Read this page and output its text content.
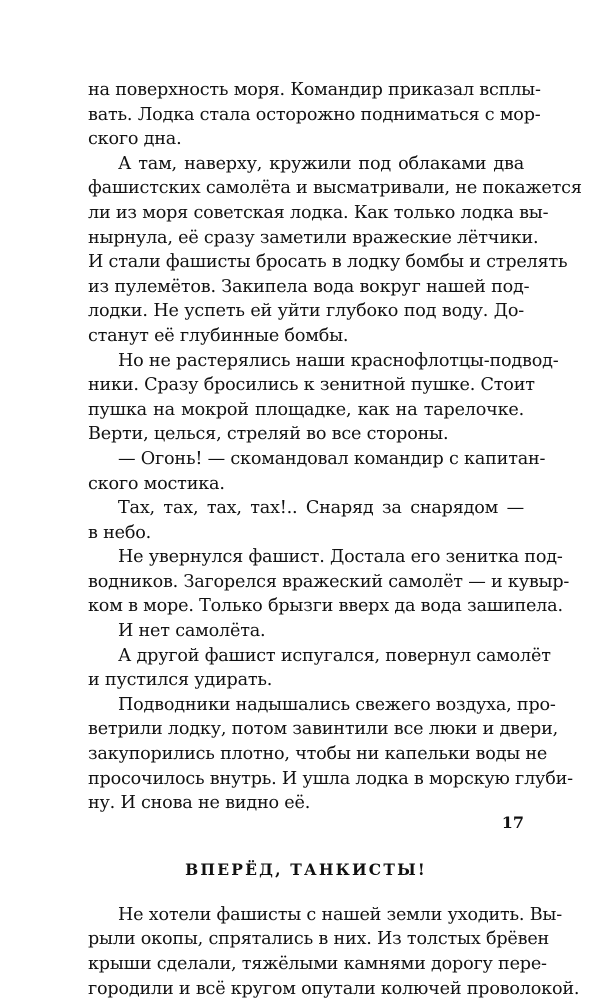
на поверхность моря. Командир приказал всплы-
вать. Лодка стала осторожно подниматься с мор-
ского дна.

А там, наверху, кружили под облаками два
фашистских самолёта и высматривали, не покажется
ли из моря советская лодка. Как только лодка вы-
нырнула, её сразу заметили вражеские лётчики.
И стали фашисты бросать в лодку бомбы и стрелять
из пулемётов. Закипела вода вокруг нашей под-
лодки. Не успеть ей уйти глубоко под воду. До-
станут её глубинные бомбы.

Но не растерялись наши краснофлотцы-подвод-
ники. Сразу бросились к зенитной пушке. Стоит
пушка на мокрой площадке, как на тарелочке.
Верти, целься, стреляй во все стороны.

— Огонь! — скомандовал командир с капитан-
ского мостика.

Тах, тах, тах, тах!.. Снаряд за снарядом —
в небо.

Не увернулся фашист. Достала его зенитка под-
водников. Загорелся вражеский самолёт — и кувыр-
ком в море. Только брызги вверх да вода зашипела.

И нет самолёта.

А другой фашист испугался, повернул самолёт
и пустился удирать.

Подводники надышались свежего воздуха, про-
ветрили лодку, потом завинтили все люки и двери,
закупорились плотно, чтобы ни капельки воды не
просочилось внутрь. И ушла лодка в морскую глуби-
ну. И снова не видно её.

ВПЕРЁД, ТАНКИСТЫ!

Не хотели фашисты с нашей земли уходить. Вы-
рыли окопы, спрятались в них. Из толстых брёвен
крыши сделали, тяжёлыми камнями дорогу пере-
городили и всё кругом опутали колючей проволокой.

17
